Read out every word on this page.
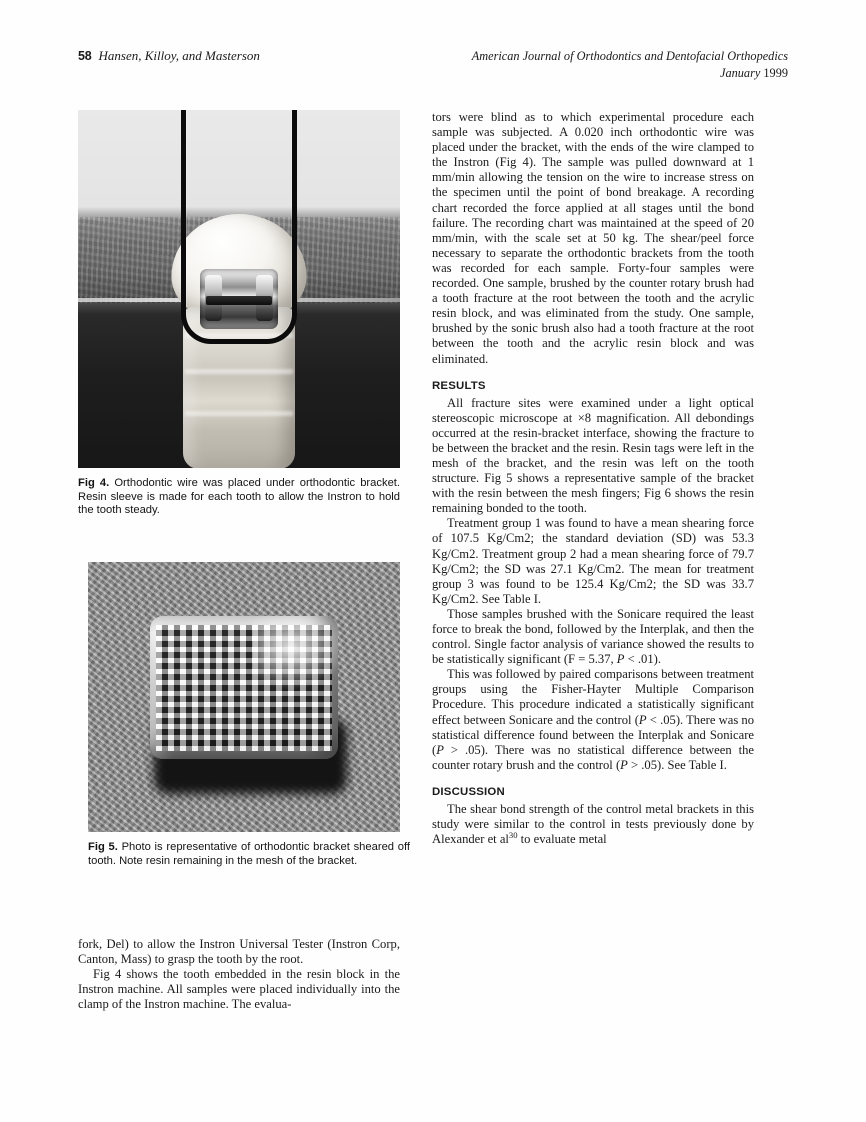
58 Hansen, Killoy, and Masterson	American Journal of Orthodontics and Dentofacial Orthopedics
January 1999

Fig 4. Orthodontic wire was placed under orthodontic bracket. Resin sleeve is made for each tooth to allow the Instron to hold the tooth steady.

Fig 5. Photo is representative of orthodontic bracket sheared off tooth. Note resin remaining in the mesh of the bracket.

fork, Del) to allow the Instron Universal Tester (Instron Corp, Canton, Mass) to grasp the tooth by the root.

Fig 4 shows the tooth embedded in the resin block in the Instron machine. All samples were placed individually into the clamp of the Instron machine. The evalua-

tors were blind as to which experimental procedure each sample was subjected. A 0.020 inch orthodontic wire was placed under the bracket, with the ends of the wire clamped to the Instron (Fig 4). The sample was pulled downward at 1 mm/min allowing the tension on the wire to increase stress on the specimen until the point of bond breakage. A recording chart recorded the force applied at all stages until the bond failure. The recording chart was maintained at the speed of 20 mm/min, with the scale set at 50 kg. The shear/peel force necessary to separate the orthodontic brackets from the tooth was recorded for each sample. Forty-four samples were recorded. One sample, brushed by the counter rotary brush had a tooth fracture at the root between the tooth and the acrylic resin block, and was eliminated from the study. One sample, brushed by the sonic brush also had a tooth fracture at the root between the tooth and the acrylic resin block and was eliminated.

RESULTS

All fracture sites were examined under a light optical stereoscopic microscope at ×8 magnification. All debondings occurred at the resin-bracket interface, showing the fracture to be between the bracket and the resin. Resin tags were left in the mesh of the bracket, and the resin was left on the tooth structure. Fig 5 shows a representative sample of the bracket with the resin between the mesh fingers; Fig 6 shows the resin remaining bonded to the tooth.

Treatment group 1 was found to have a mean shearing force of 107.5 Kg/Cm2; the standard deviation (SD) was 53.3 Kg/Cm2. Treatment group 2 had a mean shearing force of 79.7 Kg/Cm2; the SD was 27.1 Kg/Cm2. The mean for treatment group 3 was found to be 125.4 Kg/Cm2; the SD was 33.7 Kg/Cm2. See Table I.

Those samples brushed with the Sonicare required the least force to break the bond, followed by the Interplak, and then the control. Single factor analysis of variance showed the results to be statistically significant (F = 5.37, P < .01).

This was followed by paired comparisons between treatment groups using the Fisher-Hayter Multiple Comparison Procedure. This procedure indicated a statistically significant effect between Sonicare and the control (P < .05). There was no statistical difference found between the Interplak and Sonicare (P > .05). There was no statistical difference between the counter rotary brush and the control (P > .05). See Table I.

DISCUSSION

The shear bond strength of the control metal brackets in this study were similar to the control in tests previously done by Alexander et al$^{30}$ to evaluate metal
